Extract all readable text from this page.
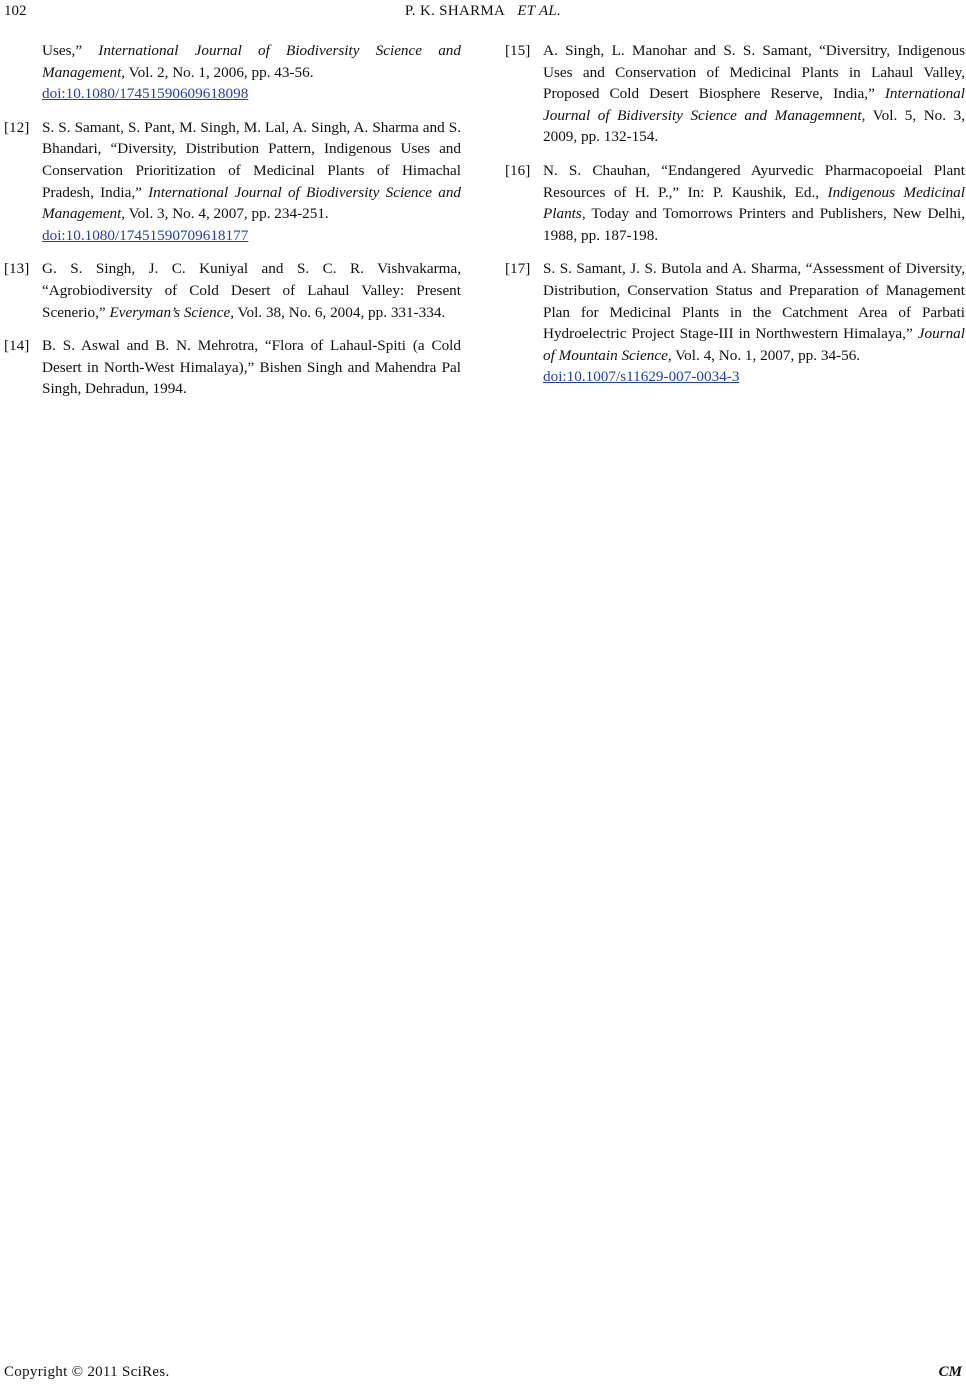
102	P. K. SHARMA ET AL.
Uses,” International Journal of Biodiversity Science and Management, Vol. 2, No. 1, 2006, pp. 43-56.
doi:10.1080/17451590609618098
[12] S. S. Samant, S. Pant, M. Singh, M. Lal, A. Singh, A. Sharma and S. Bhandari, “Diversity, Distribution Pattern, Indigenous Uses and Conservation Prioritization of Medicinal Plants of Himachal Pradesh, India,” International Journal of Biodiversity Science and Management, Vol. 3, No. 4, 2007, pp. 234-251.
doi:10.1080/17451590709618177
[13] G. S. Singh, J. C. Kuniyal and S. C. R. Vishvakarma, “Agrobiodiversity of Cold Desert of Lahaul Valley: Present Scenerio,” Everyman’s Science, Vol. 38, No. 6, 2004, pp. 331-334.
[14] B. S. Aswal and B. N. Mehrotra, “Flora of Lahaul-Spiti (a Cold Desert in North-West Himalaya),” Bishen Singh and Mahendra Pal Singh, Dehradun, 1994.
[15] A. Singh, L. Manohar and S. S. Samant, “Diversitry, Indigenous Uses and Conservation of Medicinal Plants in Lahaul Valley, Proposed Cold Desert Biosphere Reserve, India,” International Journal of Bidiversity Science and Managemnent, Vol. 5, No. 3, 2009, pp. 132-154.
[16] N. S. Chauhan, “Endangered Ayurvedic Pharmacopoeial Plant Resources of H. P.,” In: P. Kaushik, Ed., Indigenous Medicinal Plants, Today and Tomorrows Printers and Publishers, New Delhi, 1988, pp. 187-198.
[17] S. S. Samant, J. S. Butola and A. Sharma, “Assessment of Diversity, Distribution, Conservation Status and Preparation of Management Plan for Medicinal Plants in the Catchment Area of Parbati Hydroelectric Project Stage-III in Northwestern Himalaya,” Journal of Mountain Science, Vol. 4, No. 1, 2007, pp. 34-56.
doi:10.1007/s11629-007-0034-3
Copyright © 2011 SciRes.	CM
